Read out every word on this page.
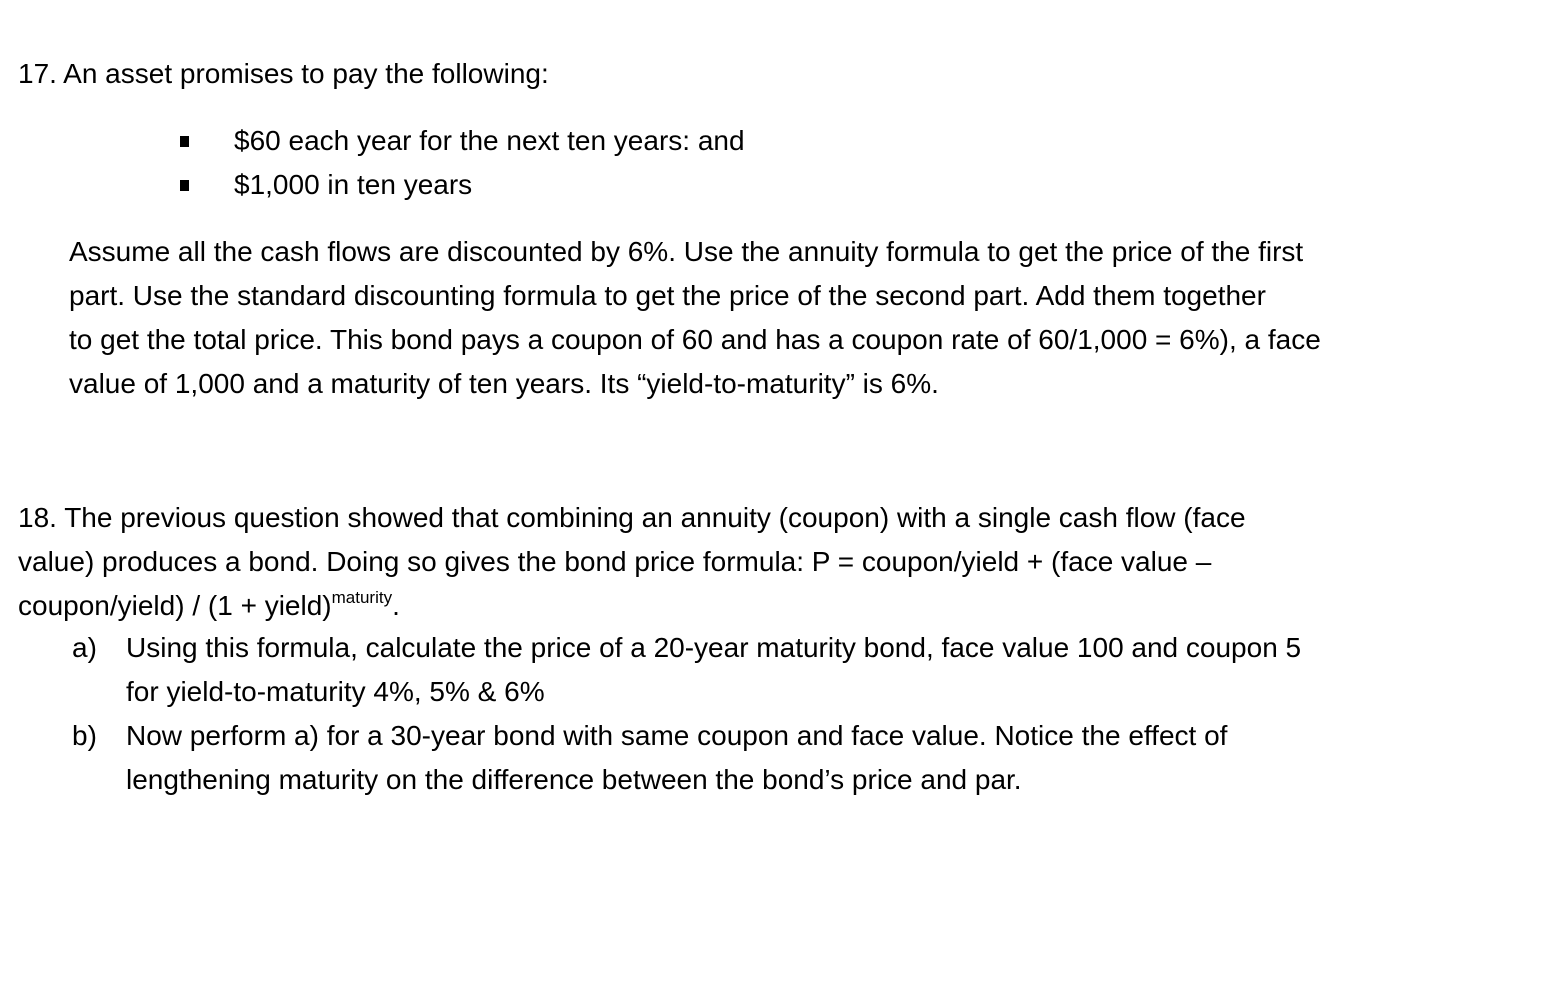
17. An asset promises to pay the following:
$60 each year for the next ten years: and
$1,000 in ten years

Assume all the cash flows are discounted by 6%. Use the annuity formula to get the price of the first
part. Use the standard discounting formula to get the price of the second part. Add them together
to get the total price. This bond pays a coupon of 60 and has a coupon rate of 60/1,000 = 6%), a face
value of 1,000 and a maturity of ten years. Its “yield-to-maturity” is 6%.

18. The previous question showed that combining an annuity (coupon) with a single cash flow (face
value) produces a bond. Doing so gives the bond price formula: P = coupon/yield + (face value –
coupon/yield) / (1 + yield)$^{maturity}$.

a) Using this formula, calculate the price of a 20-year maturity bond, face value 100 and coupon 5
for yield-to-maturity 4%, 5% & 6%
b) Now perform a) for a 30-year bond with same coupon and face value. Notice the effect of
lengthening maturity on the difference between the bond’s price and par.
